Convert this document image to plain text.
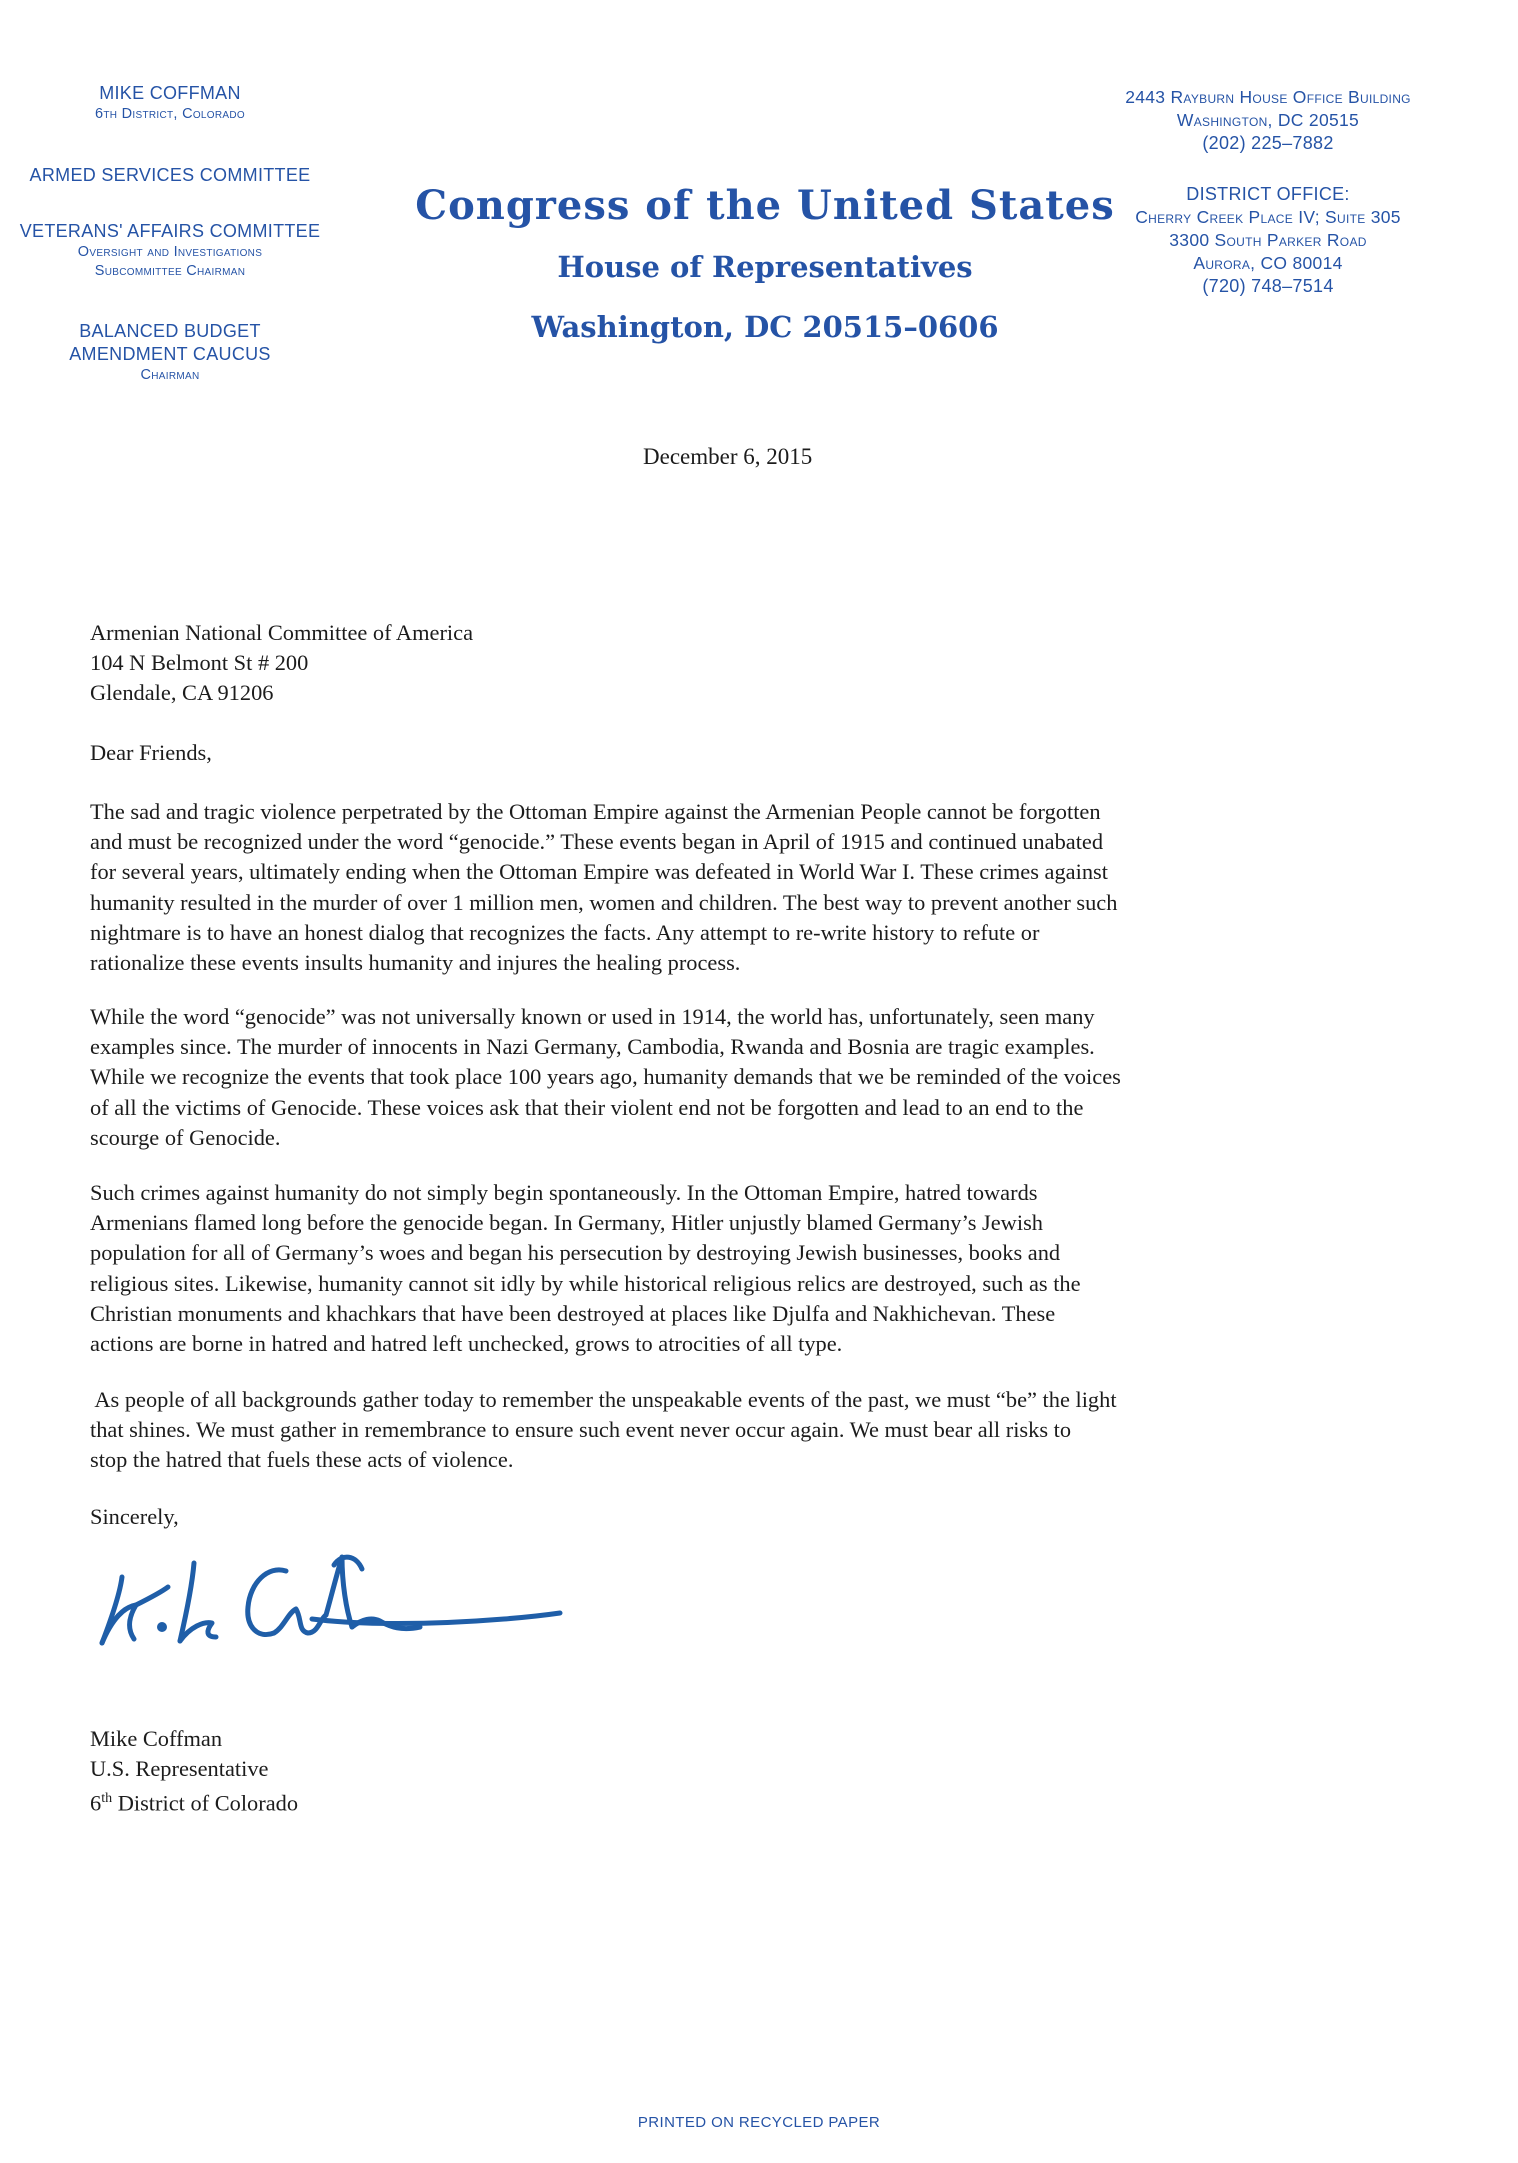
MIKE COFFMAN
6th District, Colorado
ARMED SERVICES COMMITTEE
VETERANS' AFFAIRS COMMITTEE
Oversight and Investigations
Subcommittee Chairman
BALANCED BUDGET
AMENDMENT CAUCUS
Chairman
Congress of the United States
House of Representatives
Washington, DC 20515–0606
2443 Rayburn House Office Building
Washington, DC 20515
(202) 225–7882
DISTRICT OFFICE:
Cherry Creek Place IV; Suite 305
3300 South Parker Road
Aurora, CO 80014
(720) 748–7514
December 6, 2015
Armenian National Committee of America
104 N Belmont St # 200
Glendale, CA 91206
Dear Friends,
The sad and tragic violence perpetrated by the Ottoman Empire against the Armenian People cannot be forgotten
and must be recognized under the word “genocide.” These events began in April of 1915 and continued unabated
for several years, ultimately ending when the Ottoman Empire was defeated in World War I. These crimes against
humanity resulted in the murder of over 1 million men, women and children. The best way to prevent another such
nightmare is to have an honest dialog that recognizes the facts. Any attempt to re-write history to refute or
rationalize these events insults humanity and injures the healing process.
While the word “genocide” was not universally known or used in 1914, the world has, unfortunately, seen many
examples since. The murder of innocents in Nazi Germany, Cambodia, Rwanda and Bosnia are tragic examples.
While we recognize the events that took place 100 years ago, humanity demands that we be reminded of the voices
of all the victims of Genocide. These voices ask that their violent end not be forgotten and lead to an end to the
scourge of Genocide.
Such crimes against humanity do not simply begin spontaneously. In the Ottoman Empire, hatred towards
Armenians flamed long before the genocide began. In Germany, Hitler unjustly blamed Germany’s Jewish
population for all of Germany’s woes and began his persecution by destroying Jewish businesses, books and
religious sites. Likewise, humanity cannot sit idly by while historical religious relics are destroyed, such as the
Christian monuments and khachkars that have been destroyed at places like Djulfa and Nakhichevan. These
actions are borne in hatred and hatred left unchecked, grows to atrocities of all type.
As people of all backgrounds gather today to remember the unspeakable events of the past, we must “be” the light
that shines. We must gather in remembrance to ensure such event never occur again. We must bear all risks to
stop the hatred that fuels these acts of violence.
Sincerely,
Mike Coffman
U.S. Representative
6th District of Colorado
PRINTED ON RECYCLED PAPER
